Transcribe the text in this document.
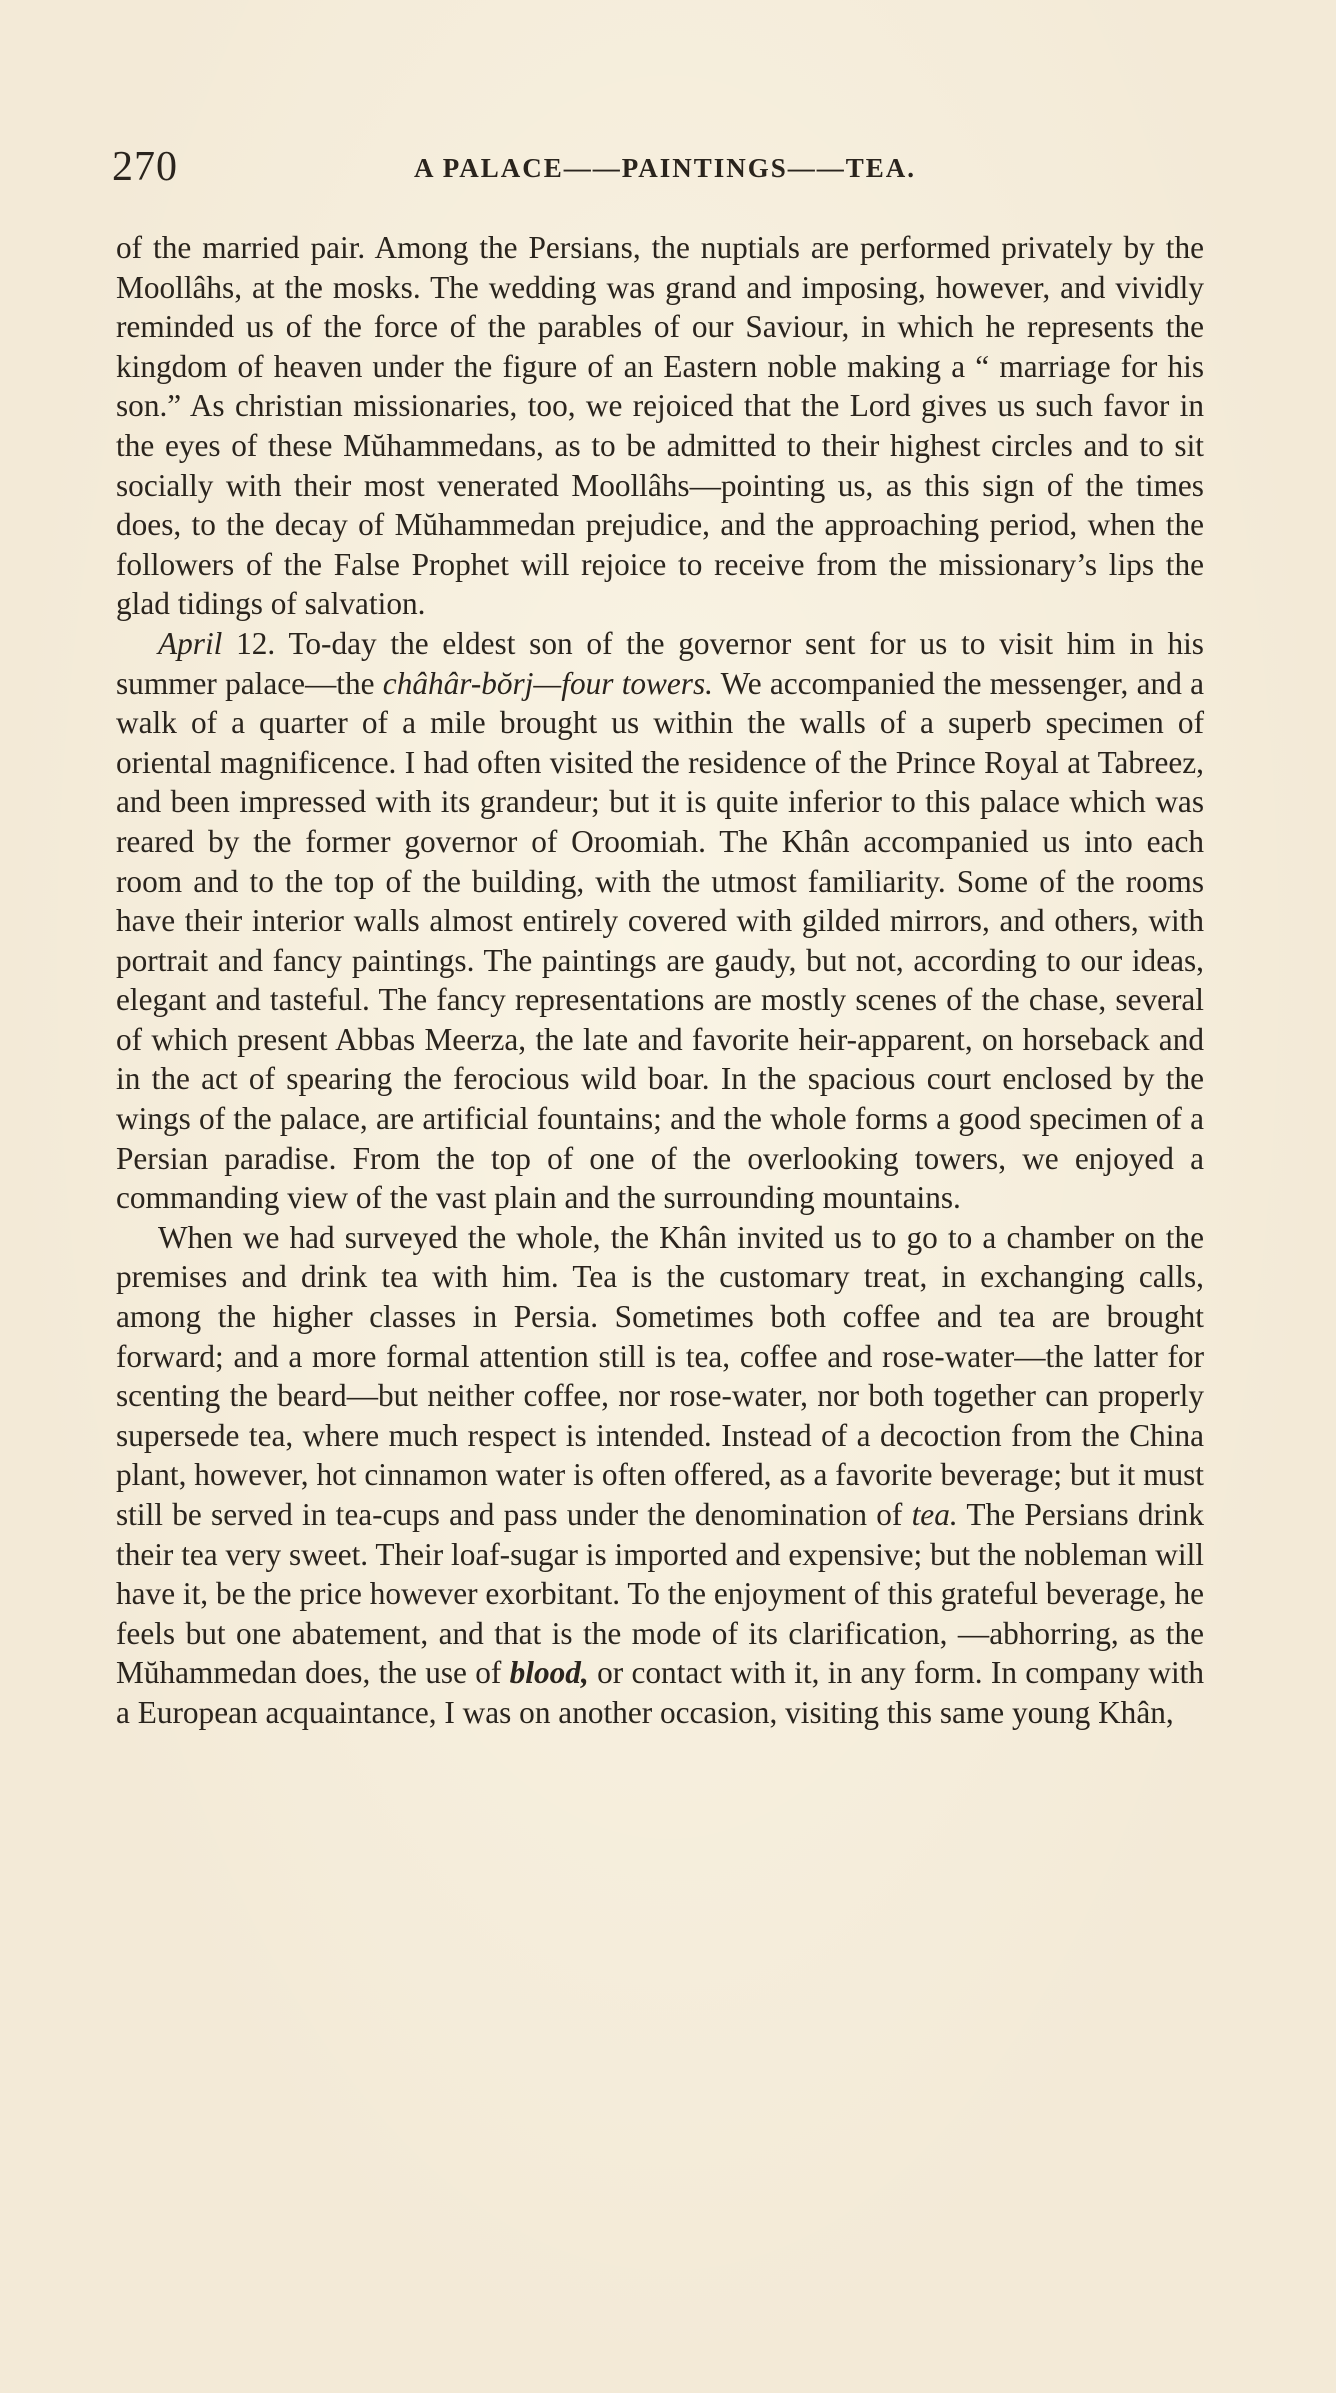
270	A PALACE——PAINTINGS——TEA.

of the married pair. Among the Persians, the nuptials are performed privately by the Moollâhs, at the mosks. The wedding was grand and imposing, however, and vividly reminded us of the force of the parables of our Saviour, in which he represents the kingdom of heaven under the figure of an Eastern noble making a “ marriage for his son.” As christian missionaries, too, we rejoiced that the Lord gives us such favor in the eyes of these Mŭhammedans, as to be admitted to their highest circles and to sit socially with their most venerated Moollâhs—pointing us, as this sign of the times does, to the decay of Mŭhammedan prejudice, and the approaching period, when the followers of the False Prophet will rejoice to receive from the missionary’s lips the glad tidings of salvation.

April 12. To-day the eldest son of the governor sent for us to visit him in his summer palace—the châhâr-bŏrj—four towers. We accompanied the messenger, and a walk of a quarter of a mile brought us within the walls of a superb specimen of oriental magnificence. I had often visited the residence of the Prince Royal at Tabreez, and been impressed with its grandeur; but it is quite inferior to this palace which was reared by the former governor of Oroomiah. The Khân accompanied us into each room and to the top of the building, with the utmost familiarity. Some of the rooms have their interior walls almost entirely covered with gilded mirrors, and others, with portrait and fancy paintings. The paintings are gaudy, but not, according to our ideas, elegant and tasteful. The fancy representations are mostly scenes of the chase, several of which present Abbas Meerza, the late and favorite heir-apparent, on horseback and in the act of spearing the ferocious wild boar. In the spacious court enclosed by the wings of the palace, are artificial fountains; and the whole forms a good specimen of a Persian paradise. From the top of one of the overlooking towers, we enjoyed a commanding view of the vast plain and the surrounding mountains.

When we had surveyed the whole, the Khân invited us to go to a chamber on the premises and drink tea with him. Tea is the customary treat, in exchanging calls, among the higher classes in Persia. Sometimes both coffee and tea are brought forward; and a more formal attention still is tea, coffee and rose-water—the latter for scenting the beard—but neither coffee, nor rose-water, nor both together can properly supersede tea, where much respect is intended. Instead of a decoction from the China plant, however, hot cinnamon water is often offered, as a favorite beverage; but it must still be served in tea-cups and pass under the denomination of tea. The Persians drink their tea very sweet. Their loaf-sugar is imported and expensive; but the nobleman will have it, be the price however exorbitant. To the enjoyment of this grateful beverage, he feels but one abatement, and that is the mode of its clarification, —abhorring, as the Mŭhammedan does, the use of blood, or contact with it, in any form. In company with a European acquaintance, I was on another occasion, visiting this same young Khân,
